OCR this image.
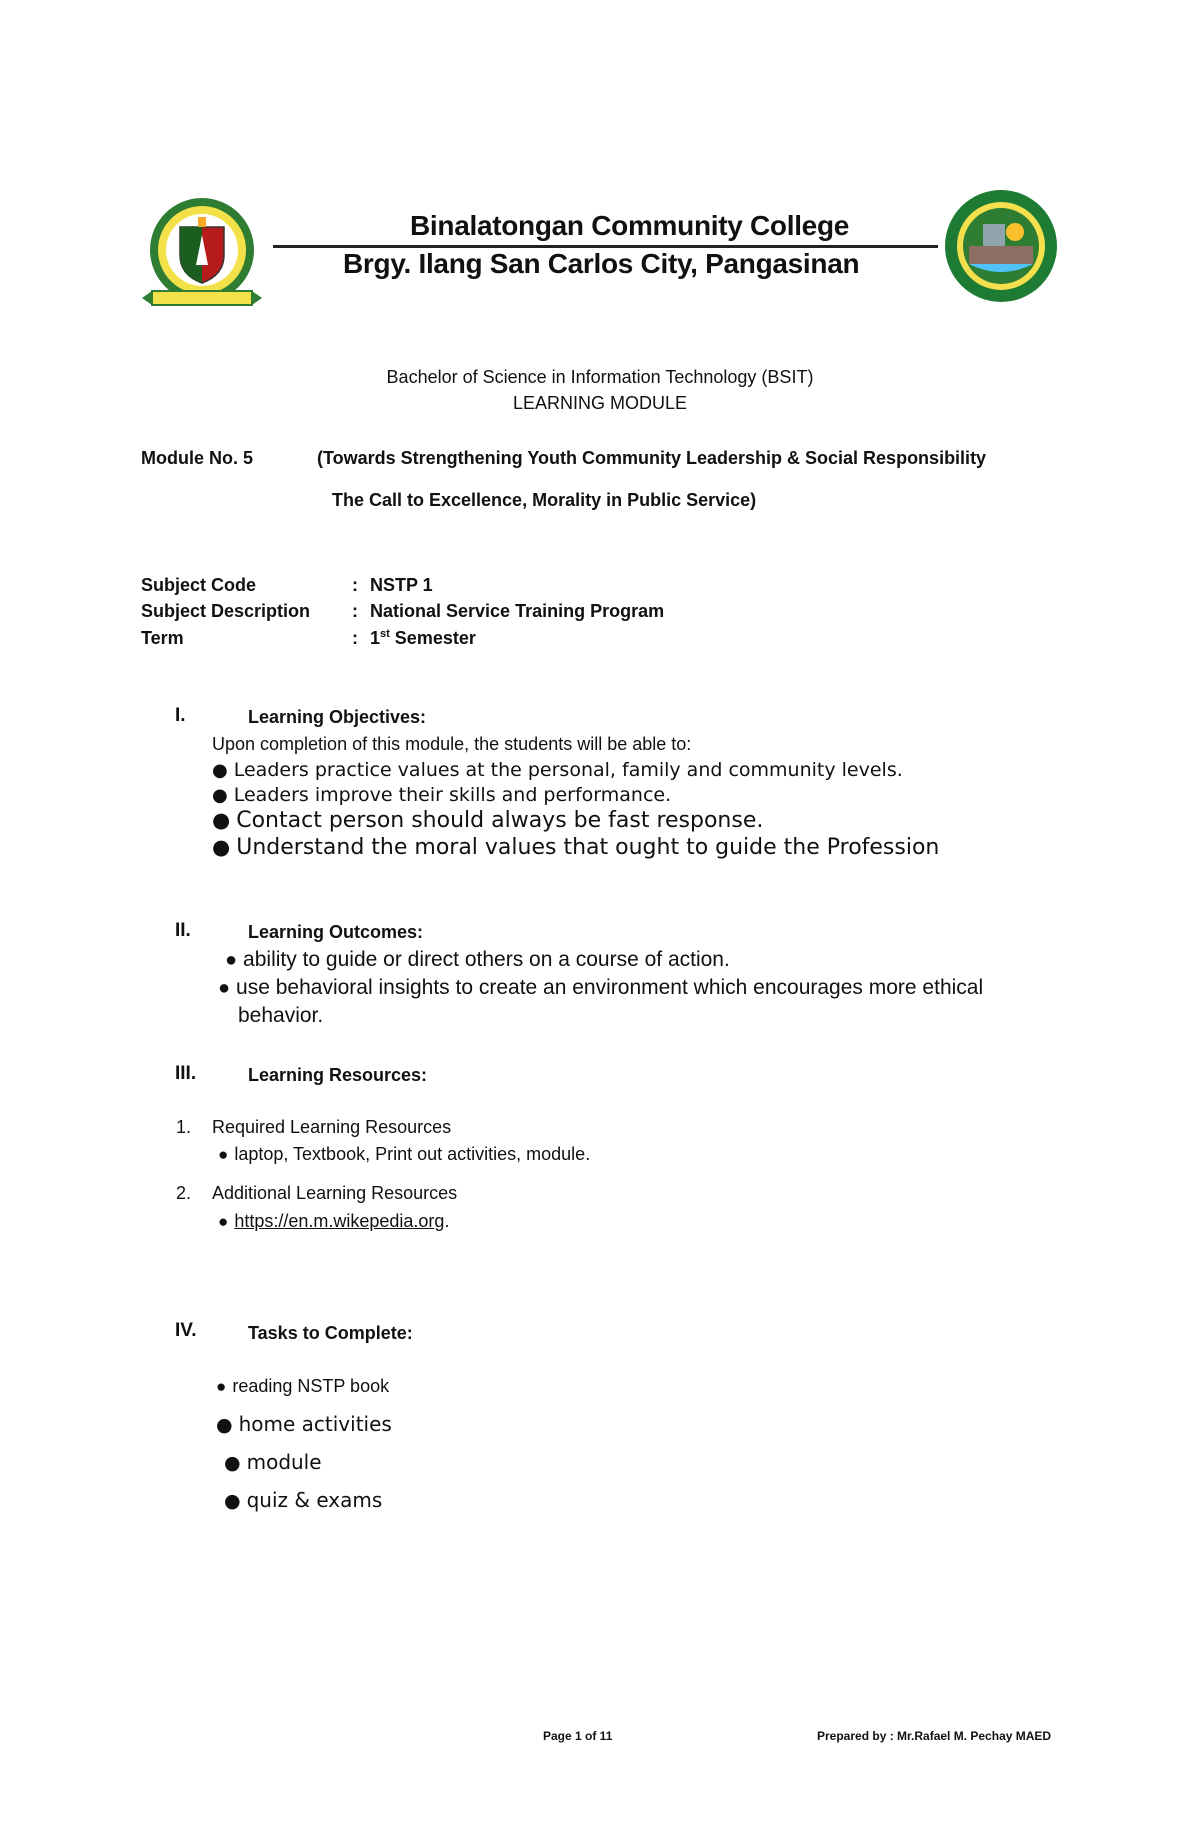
Binalatongan Community College
Brgy. Ilang San Carlos City, Pangasinan
Bachelor of Science in Information Technology (BSIT)
LEARNING MODULE
Module No. 5	(Towards Strengthening Youth Community Leadership & Social Responsibility
The Call to Excellence, Morality in Public Service)
Subject Code	: NSTP 1
Subject Description : National Service Training Program
Term	: 1st Semester
I.	Learning Objectives:
Upon completion of this module, the students will be able to:
● Leaders practice values at the personal, family and community levels.
● Leaders improve their skills and performance.
● Contact person should always be fast response.
● Understand the moral values that ought to guide the Profession
II.	Learning Outcomes:
● ability to guide or direct others on a course of action.
● use behavioral insights to create an environment which encourages more ethical
behavior.
III.	Learning Resources:
1. Required Learning Resources
● laptop, Textbook, Print out activities, module.
2. Additional Learning Resources
● https://en.m.wikepedia.org.
IV.	Tasks to Complete:
● reading NSTP book
● home activities
● module
● quiz & exams
Page 1 of 11	Prepared by : Mr.Rafael M. Pechay MAED
